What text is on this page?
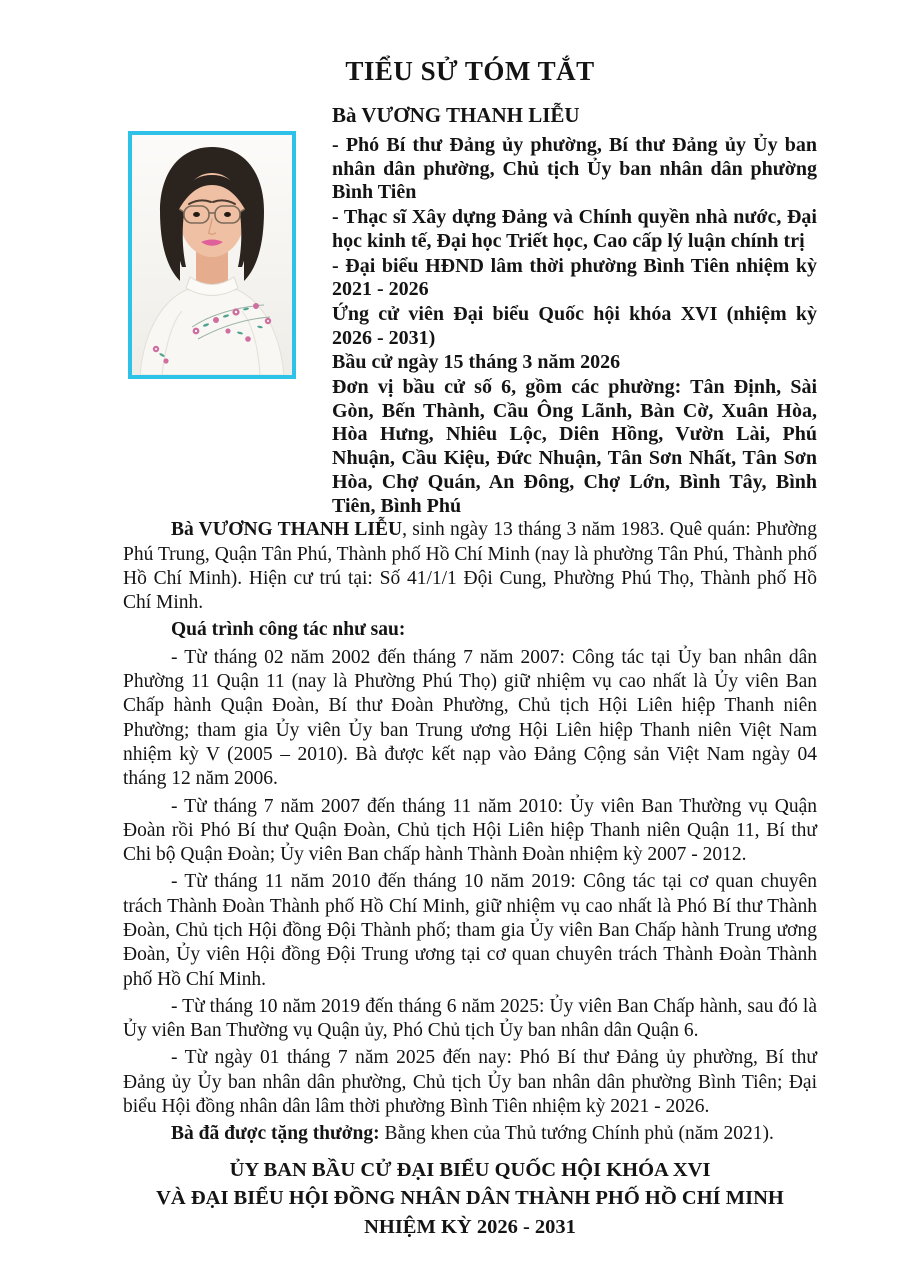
TIỂU SỬ TÓM TẮT

Bà VƯƠNG THANH LIỄU

- Phó Bí thư Đảng ủy phường, Bí thư Đảng ủy Ủy ban nhân dân phường, Chủ tịch Ủy ban nhân dân phường Bình Tiên

- Thạc sĩ Xây dựng Đảng và Chính quyền nhà nước, Đại học kinh tế, Đại học Triết học, Cao cấp lý luận chính trị

- Đại biểu HĐND lâm thời phường Bình Tiên nhiệm kỳ 2021 - 2026

Ứng cử viên Đại biểu Quốc hội khóa XVI (nhiệm kỳ 2026 - 2031)

Bầu cử ngày 15 tháng 3 năm 2026

Đơn vị bầu cử số 6, gồm các phường: Tân Định, Sài Gòn, Bến Thành, Cầu Ông Lãnh, Bàn Cờ, Xuân Hòa, Hòa Hưng, Nhiêu Lộc, Diên Hồng, Vườn Lài, Phú Nhuận, Cầu Kiệu, Đức Nhuận, Tân Sơn Nhất, Tân Sơn Hòa, Chợ Quán, An Đông, Chợ Lớn, Bình Tây, Bình Tiên, Bình Phú

Bà VƯƠNG THANH LIỄU, sinh ngày 13 tháng 3 năm 1983. Quê quán: Phường Phú Trung, Quận Tân Phú, Thành phố Hồ Chí Minh (nay là phường Tân Phú, Thành phố Hồ Chí Minh). Hiện cư trú tại: Số 41/1/1 Đội Cung, Phường Phú Thọ, Thành phố Hồ Chí Minh.

Quá trình công tác như sau:

- Từ tháng 02 năm 2002 đến tháng 7 năm 2007: Công tác tại Ủy ban nhân dân Phường 11 Quận 11 (nay là Phường Phú Thọ) giữ nhiệm vụ cao nhất là Ủy viên Ban Chấp hành Quận Đoàn, Bí thư Đoàn Phường, Chủ tịch Hội Liên hiệp Thanh niên Phường; tham gia Ủy viên Ủy ban Trung ương Hội Liên hiệp Thanh niên Việt Nam nhiệm kỳ V (2005 – 2010). Bà được kết nạp vào Đảng Cộng sản Việt Nam ngày 04 tháng 12 năm 2006.

- Từ tháng 7 năm 2007 đến tháng 11 năm 2010: Ủy viên Ban Thường vụ Quận Đoàn rồi Phó Bí thư Quận Đoàn, Chủ tịch Hội Liên hiệp Thanh niên Quận 11, Bí thư Chi bộ Quận Đoàn; Ủy viên Ban chấp hành Thành Đoàn nhiệm kỳ 2007 - 2012.

- Từ tháng 11 năm 2010 đến tháng 10 năm 2019: Công tác tại cơ quan chuyên trách Thành Đoàn Thành phố Hồ Chí Minh, giữ nhiệm vụ cao nhất là Phó Bí thư Thành Đoàn, Chủ tịch Hội đồng Đội Thành phố; tham gia Ủy viên Ban Chấp hành Trung ương Đoàn, Ủy viên Hội đồng Đội Trung ương tại cơ quan chuyên trách Thành Đoàn Thành phố Hồ Chí Minh.

- Từ tháng 10 năm 2019 đến tháng 6 năm 2025: Ủy viên Ban Chấp hành, sau đó là Ủy viên Ban Thường vụ Quận ủy, Phó Chủ tịch Ủy ban nhân dân Quận 6.

- Từ ngày 01 tháng 7 năm 2025 đến nay: Phó Bí thư Đảng ủy phường, Bí thư Đảng ủy Ủy ban nhân dân phường, Chủ tịch Ủy ban nhân dân phường Bình Tiên; Đại biểu Hội đồng nhân dân lâm thời phường Bình Tiên nhiệm kỳ 2021 - 2026.

Bà đã được tặng thưởng: Bằng khen của Thủ tướng Chính phủ (năm 2021).

ỦY BAN BẦU CỬ ĐẠI BIỂU QUỐC HỘI KHÓA XVI

VÀ ĐẠI BIỂU HỘI ĐỒNG NHÂN DÂN THÀNH PHỐ HỒ CHÍ MINH

NHIỆM KỲ 2026 - 2031
